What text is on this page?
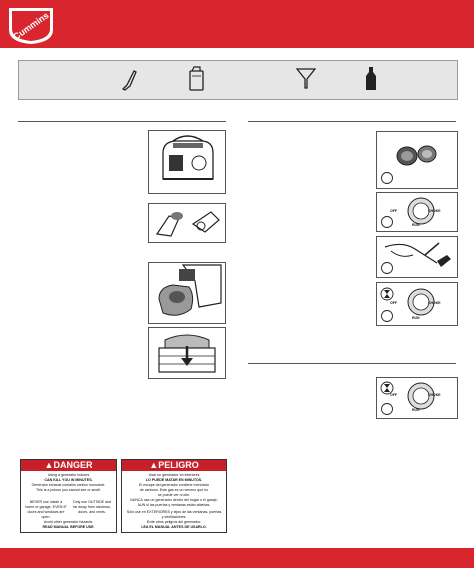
Cummins
OFF	CHOKE
RUN
OFF	CHOKE
RUN
OFF	CHOKE
RUN
▲DANGER
Using a generator indoors
CAN KILL YOU IN MINUTES.
Generator exhaust contains carbon monoxide.
This is a poison you cannot see or smell.
NEVER use inside a home or garage, EVEN IF doors and windows are open.
Only use OUTSIDE and far away from windows, doors, and vents.
Avoid other generator hazards.
READ MANUAL BEFORE USE.
▲PELIGRO
Usar un generador en interiores
LO PUEDE MATAR EN MINUTOS.
El escape del generador contiene monóxido
de carbono. Este gas es un veneno que no
se puede ver ni oler.
NUNCA use un generador dentro del hogar o el garaje, AUN si las puertas y ventanas están abiertas.
Sólo use en EXTERIORES y lejos de las ventanas, puertas y ventilaciones.
Evite otros peligros del generador.
LEA EL MANUAL ANTES DE USARLO.
